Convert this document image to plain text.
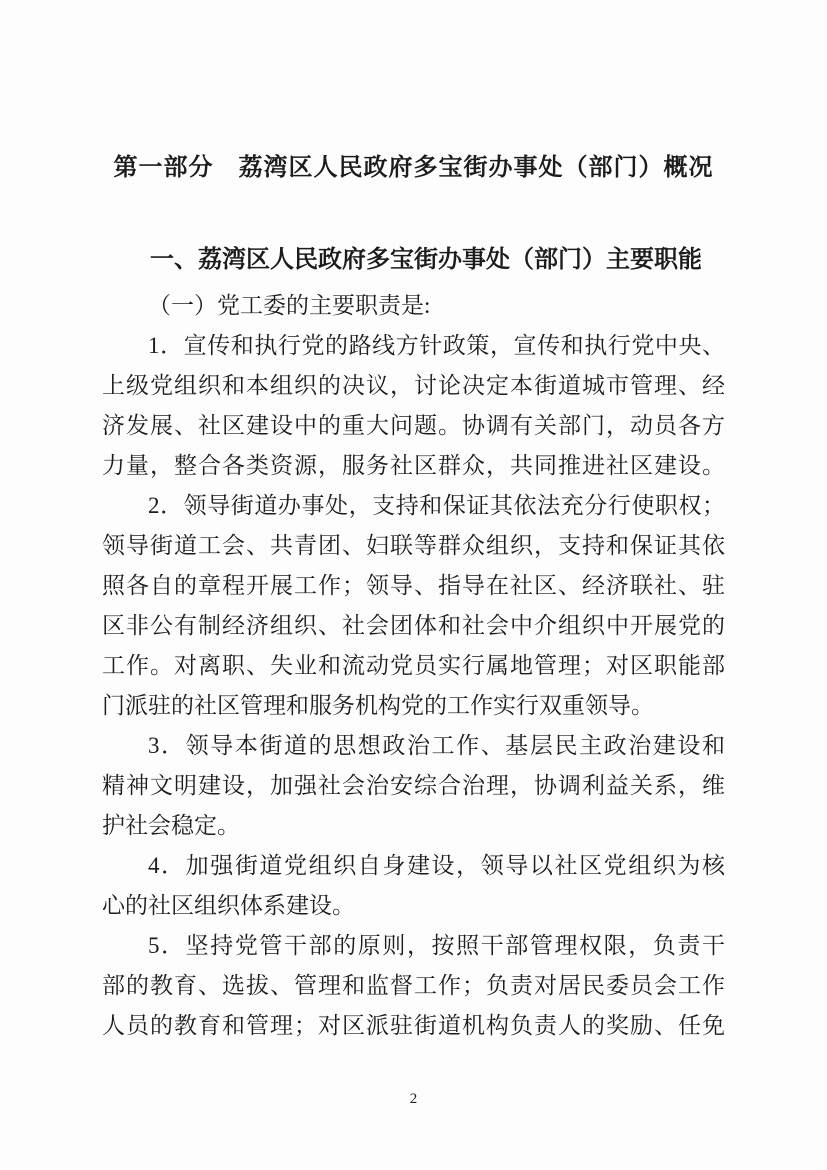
第一部分　荔湾区人民政府多宝街办事处（部门）概况
一、荔湾区人民政府多宝街办事处（部门）主要职能
（一）党工委的主要职责是:
1．宣传和执行党的路线方针政策，宣传和执行党中央、
上级党组织和本组织的决议，讨论决定本街道城市管理、经
济发展、社区建设中的重大问题。协调有关部门，动员各方
力量，整合各类资源，服务社区群众，共同推进社区建设。
2．领导街道办事处，支持和保证其依法充分行使职权；
领导街道工会、共青团、妇联等群众组织，支持和保证其依
照各自的章程开展工作；领导、指导在社区、经济联社、驻
区非公有制经济组织、社会团体和社会中介组织中开展党的
工作。对离职、失业和流动党员实行属地管理；对区职能部
门派驻的社区管理和服务机构党的工作实行双重领导。
3．领导本街道的思想政治工作、基层民主政治建设和
精神文明建设，加强社会治安综合治理，协调利益关系，维
护社会稳定。
4．加强街道党组织自身建设，领导以社区党组织为核
心的社区组织体系建设。
5．坚持党管干部的原则，按照干部管理权限，负责干
部的教育、选拔、管理和监督工作；负责对居民委员会工作
人员的教育和管理；对区派驻街道机构负责人的奖励、任免
2
